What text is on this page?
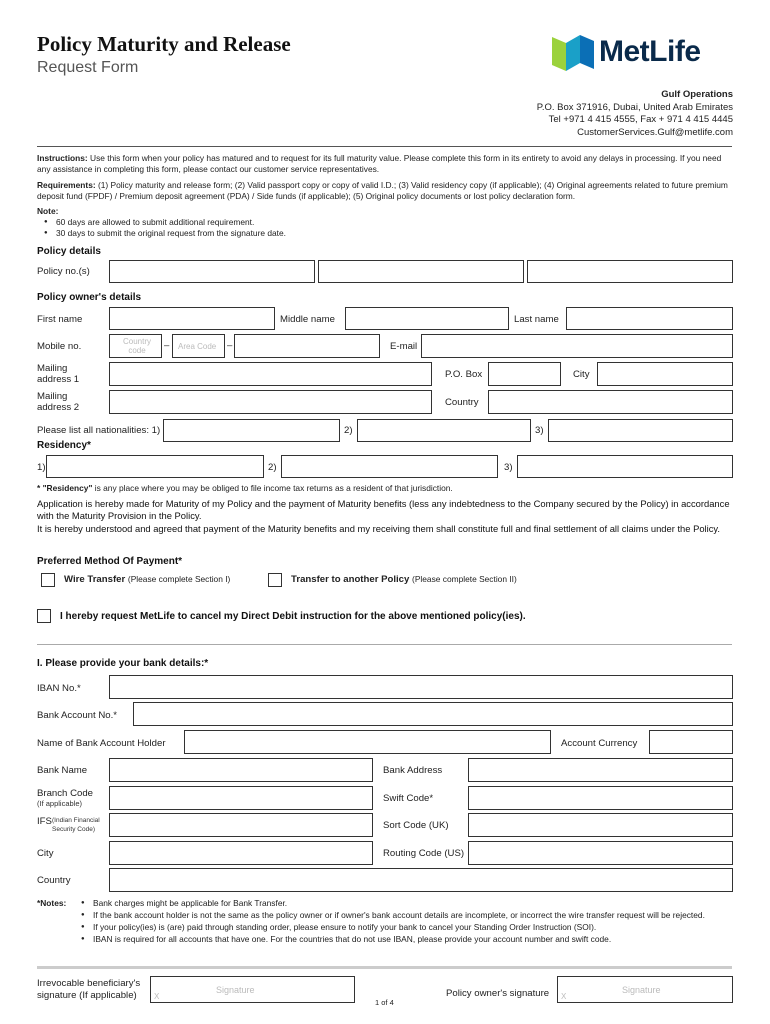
Policy Maturity and Release
Request Form	MetLife
Gulf Operations
P.O. Box 371916, Dubai, United Arab Emirates
Tel +971 4 415 4555, Fax + 971 4 415 4445
CustomerServices.Gulf@metlife.com
Instructions: Use this form when your policy has matured and to request for its full maturity value. Please complete this form in its entirety to avoid any delays in processing. If you need any assistance in completing this form, please contact our customer service representatives.
Requirements: (1) Policy maturity and release form; (2) Valid passport copy or copy of valid I.D.; (3) Valid residency copy (if applicable); (4) Original agreements related to future premium deposit fund (FPDF) / Premium deposit agreement (PDA) / Side funds (if applicable); (5) Original policy documents or lost policy declaration form.
Note:
● 60 days are allowed to submit additional requirement.
● 30 days to submit the original request from the signature date.
Policy details
Policy no.(s)
Policy owner's details
First name	Middle name	Last name
Mobile no.	Country code	– Area Code –	E-mail
Mailing address 1	P.O. Box	City
Mailing address 2	Country
Please list all nationalities: 1)	2)	3)
Residency*
1)	2)	3)
* "Residency" is any place where you may be obliged to file income tax returns as a resident of that jurisdiction.
Application is hereby made for Maturity of my Policy and the payment of Maturity benefits (less any indebtedness to the Company secured by the Policy) in accordance with the Maturity Provision in the Policy.
It is hereby understood and agreed that payment of the Maturity benefits and my receiving them shall constitute full and final settlement of all claims under the Policy.
Preferred Method Of Payment*
Wire Transfer (Please complete Section I)	Transfer to another Policy (Please complete Section II)
I hereby request MetLife to cancel my Direct Debit instruction for the above mentioned policy(ies).
I. Please provide your bank details:*
IBAN No.*
Bank Account No.*
Name of Bank Account Holder	Account Currency
Bank Name	Bank Address
Branch Code
(If applicable)	Swift Code*
IFS (Indian Financial Security Code)	Sort Code (UK)
City	Routing Code (US)
Country
*Notes:
●	Bank charges might be applicable for Bank Transfer.
● If the bank account holder is not the same as the policy owner or if owner's bank account details are incomplete, or incorrect the wire transfer request will be rejected.
● If your policy(ies) is (are) paid through standing order, please ensure to notify your bank to cancel your Standing Order Instruction (SOI).
● IBAN is required for all accounts that have one. For the countries that do not use IBAN, please provide your account number and swift code.
Irrevocable beneficiary's signature (If applicable)	Signature
X
1 of 4
Policy owner's signature	Signature
X
